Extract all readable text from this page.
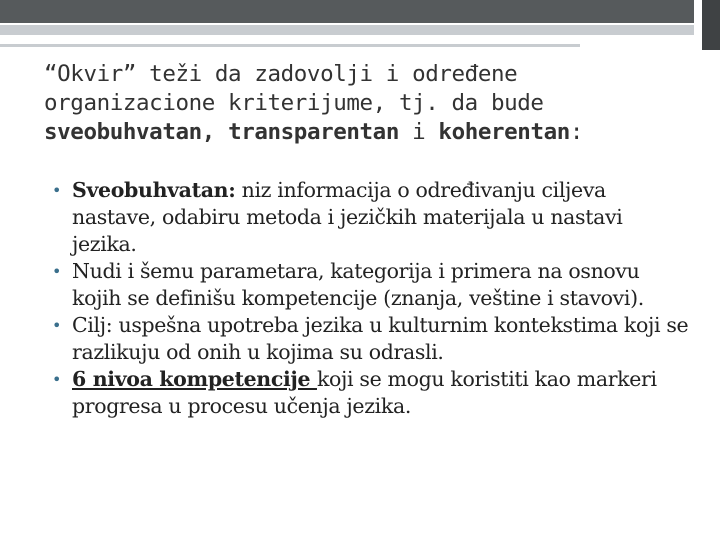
“Okvir” teži da zadovolji i određene
organizacione kriterijume, tj. da bude
sveobuhvatan, transparentan i koherentan:
• Sveobuhvatan: niz informacija o određivanju ciljeva nastave, odabiru metoda i jezičkih materijala u nastavi jezika.
• Nudi i šemu parametara, kategorija i primera na osnovu kojih se definišu kompetencije (znanja, veštine i stavovi).
• Cilj: uspešna upotreba jezika u kulturnim kontekstima koji se razlikuju od onih u kojima su odrasli.
• 6 nivoa kompetencije koji se mogu koristiti kao markeri progresa u procesu učenja jezika.
